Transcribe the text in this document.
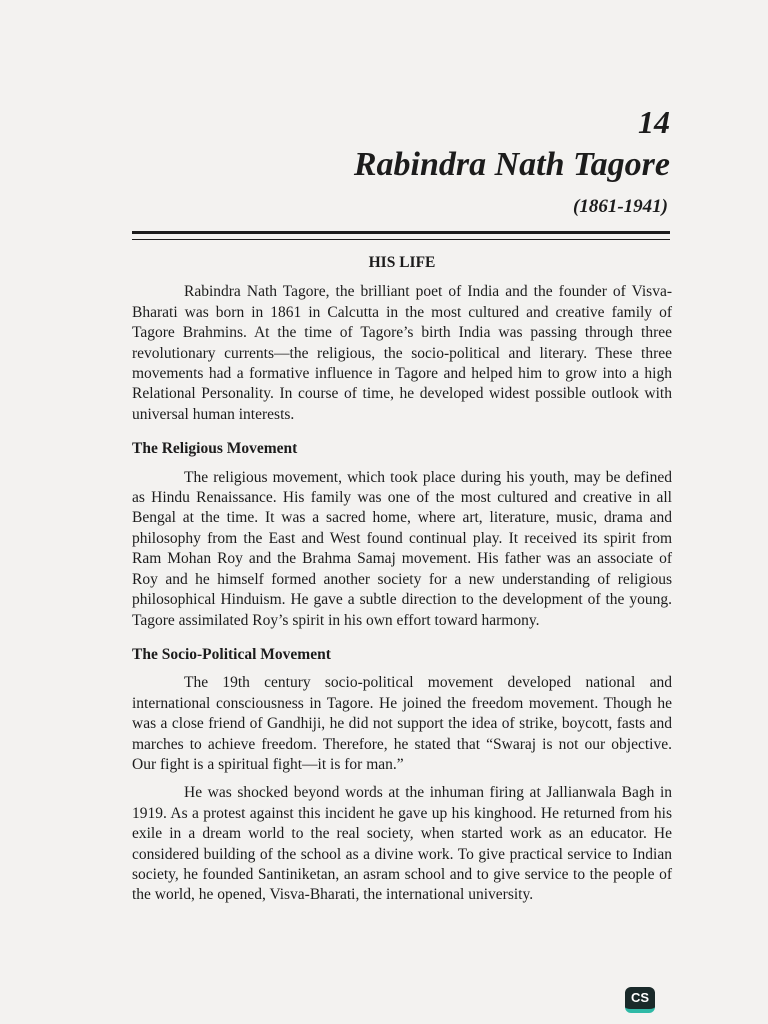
14
Rabindra Nath Tagore
(1861-1941)
HIS LIFE

Rabindra Nath Tagore, the brilliant poet of India and the founder of Visva-Bharati was born in 1861 in Calcutta in the most cultured and creative family of Tagore Brahmins. At the time of Tagore’s birth India was passing through three revolutionary currents—the religious, the socio-political and literary. These three movements had a formative influence in Tagore and helped him to grow into a high Relational Personality. In course of time, he developed widest possible outlook with universal human interests.

The Religious Movement

The religious movement, which took place during his youth, may be defined as Hindu Renaissance. His family was one of the most cultured and creative in all Bengal at the time. It was a sacred home, where art, literature, music, drama and philosophy from the East and West found continual play. It received its spirit from Ram Mohan Roy and the Brahma Samaj movement. His father was an associate of Roy and he himself formed another society for a new understanding of religious philosophical Hinduism. He gave a subtle direction to the development of the young. Tagore assimilated Roy’s spirit in his own effort toward harmony.

The Socio-Political Movement

The 19th century socio-political movement developed national and international consciousness in Tagore. He joined the freedom movement. Though he was a close friend of Gandhiji, he did not support the idea of strike, boycott, fasts and marches to achieve freedom. Therefore, he stated that “Swaraj is not our objective. Our fight is a spiritual fight—it is for man.”

He was shocked beyond words at the inhuman firing at Jallianwala Bagh in 1919. As a protest against this incident he gave up his kinghood. He returned from his exile in a dream world to the real society, when started work as an educator. He considered building of the school as a divine work. To give practical service to Indian society, he founded Santiniketan, an asram school and to give service to the people of the world, he opened, Visva-Bharati, the international university.

CS
